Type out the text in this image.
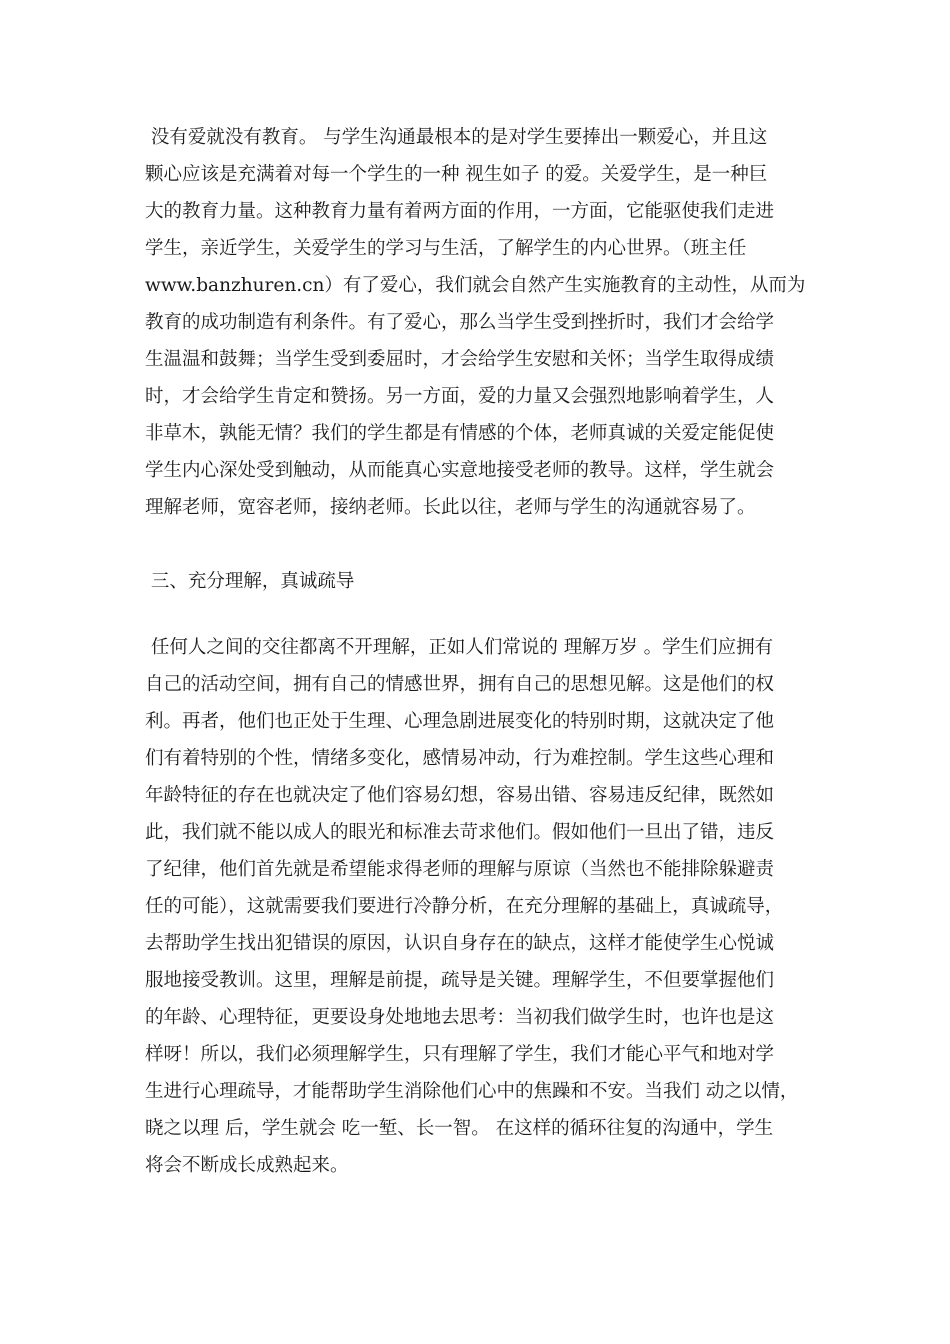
没有爱就没有教育。 与学生沟通最根本的是对学生要捧出一颗爱心，并且这
颗心应该是充满着对每一个学生的一种 视生如子 的爱。关爱学生，是一种巨
大的教育力量。这种教育力量有着两方面的作用，一方面，它能驱使我们走进
学生，亲近学生，关爱学生的学习与生活，了解学生的内心世界。（班主任
www.banzhuren.cn）有了爱心，我们就会自然产生实施教育的主动性，从而为
教育的成功制造有利条件。有了爱心，那么当学生受到挫折时，我们才会给学
生温温和鼓舞；当学生受到委屈时，才会给学生安慰和关怀；当学生取得成绩
时，才会给学生肯定和赞扬。另一方面，爱的力量又会强烈地影响着学生，人
非草木，孰能无情？我们的学生都是有情感的个体，老师真诚的关爱定能促使
学生内心深处受到触动，从而能真心实意地接受老师的教导。这样，学生就会
理解老师，宽容老师，接纳老师。长此以往，老师与学生的沟通就容易了。
三、充分理解，真诚疏导
任何人之间的交往都离不开理解，正如人们常说的 理解万岁 。学生们应拥有
自己的活动空间，拥有自己的情感世界，拥有自己的思想见解。这是他们的权
利。再者，他们也正处于生理、心理急剧进展变化的特别时期，这就决定了他
们有着特别的个性，情绪多变化，感情易冲动，行为难控制。学生这些心理和
年龄特征的存在也就决定了他们容易幻想，容易出错、容易违反纪律，既然如
此，我们就不能以成人的眼光和标准去苛求他们。假如他们一旦出了错，违反
了纪律，他们首先就是希望能求得老师的理解与原谅（当然也不能排除躲避责
任的可能），这就需要我们要进行冷静分析，在充分理解的基础上，真诚疏导，
去帮助学生找出犯错误的原因，认识自身存在的缺点，这样才能使学生心悦诚
服地接受教训。这里，理解是前提，疏导是关键。理解学生，不但要掌握他们
的年龄、心理特征，更要设身处地地去思考：当初我们做学生时，也许也是这
样呀！所以，我们必须理解学生，只有理解了学生，我们才能心平气和地对学
生进行心理疏导，才能帮助学生消除他们心中的焦躁和不安。当我们 动之以情，
晓之以理 后，学生就会 吃一堑、长一智。 在这样的循环往复的沟通中，学生
将会不断成长成熟起来。
